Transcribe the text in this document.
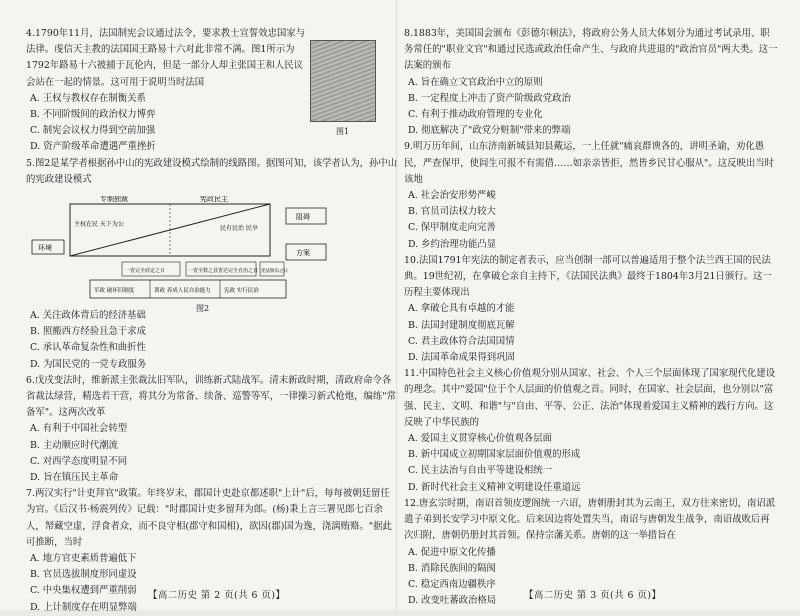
4.1790年11月，法国制宪会议通过法令，要求教士宣誓效忠国家与法律。虔信天主教的法国国王路易十六对此非常不满。图1所示为1792年路易十六被捕于瓦伦内，但是一部分人却主张国王和人民议会站在一起的情景。这可用于说明当时法国

A. 王权与教权存在制衡关系

B. 不同阶级间的政治权力博弈

C. 制宪会议权力得到空前加强

D. 资产阶级革命遭遇严重挫折

5.图2是某学者根据孙中山的宪政建设模式绘制的线路图。据图可知，该学者认为，孙中山的宪政建设模式

A. 关注政体背后的经济基础

B. 照搬西方经验且急于求成

C. 承认革命复杂性和曲折性

D. 为国民党的一党专政服务

6.戊戌变法时，维新派主张裁汰旧军队，训练新式陆战军。清末新政时期，清政府命令各省裁汰绿营，精选若干营，将其分为常备、续备、巡警等军，一律操习新式枪炮，编练"常备军"。这两次改革

A. 有利于中国社会转型

B. 主动顺应时代潮流

C. 对西学态度明显不同

D. 旨在镇压民主革命

7.两汉实行"计吏拜官"政策。年终岁末，郡国计吏赴京都述职"上计"后，每每被朝廷留任为官。《后汉书·杨震列传》记载："时郡国计吏多留拜为郎。(杨)秉上言三署见郎七百余人，帑藏空虚，浮食者众，而不良守相(郡守和国相)，欲因(郡)国为逸，浇漓贿赂。"据此可推断，当时

A. 地方官吏素质普遍低下

B. 官员选拔制度形同虚设

C. 中央集权遭到严重削弱

D. 上计制度存在明显弊端

图1
专制独裁	宪政民主
主权在民 天下为公
民有民治 民享
阻碍
环境
方案
一省完全底定之日	一省全数之县皆达完全自治之日 宪法颁布之日
军政 破坏旧制度	训政 养成人民自治能力 宪政 实行民治
图2

8.1883年，美国国会颁布《彭德尔顿法》，将政府公务人员大体划分为通过考试录用、职务常任的"职业文官"和通过民选或政治任命产生、与政府共进退的"政治官员"两大类。这一法案的颁布

A. 旨在确立文官政治中立的原则

B. 一定程度上冲击了资产阶级政党政治

C. 有利于推动政府管理的专业化

D. 彻底解决了"政党分赃制"带来的弊端

9.明万历年间，山东济南新城县知县戴运，一上任就"痛哀群谀各的，讲明圣谕，劝化愚民，严查保甲，使闾生可报不有需借……如亲亲皆拒，然皆乡民甘心服从"。这反映出当时该地

A. 社会治安形势严峻

B. 官员司法权力较大

C. 保甲制度走向完善

D. 乡约治理功能凸显

10.法国1791年宪法的制定者表示，应当创制一部可以普遍适用于整个法兰西王国的民法典。19世纪初，在拿破仑亲自主持下，《法国民法典》最终于1804年3月21日颁行。这一历程主要体现出

A. 拿破仑具有卓越的才能

B. 法国封建制度彻底瓦解

C. 君主政体符合法国国情

D. 法国革命成果得到巩固

11.中国特色社会主义核心价值观分别从国家、社会、个人三个层面体现了国家现代化建设的理念。其中"爱国"位于个人层面的价值观之首。同时，在国家、社会层面，也分别以"富强、民主、文明、和谐"与"自由、平等、公正、法治"体现着爱国主义精神的践行方向。这反映了中华民族的

A. 爱国主义贯穿核心价值观各层面

B. 新中国成立初期国家层面价值观的形成

C. 民主法治与自由平等建设相统一

D. 新时代社会主义精神文明建设任重道远

12.唐玄宗时期，南诏首领皮逻阁统一六诏，唐朝册封其为云南王，双方往来密切，南诏派遣子弟到长安学习中原文化。后来因边将处置失当，南诏与唐朝发生战争，南诏战败后再次归附，唐朝仍册封其首领。保持宗藩关系。唐朝的这一举措旨在

A. 促进中原文化传播

B. 消除民族间的隔阂

C. 稳定西南边疆秩序

D. 改变吐蕃政治格局

【高二历史 第 2 页(共 6 页)】	【高二历史 第 3 页(共 6 页)】
